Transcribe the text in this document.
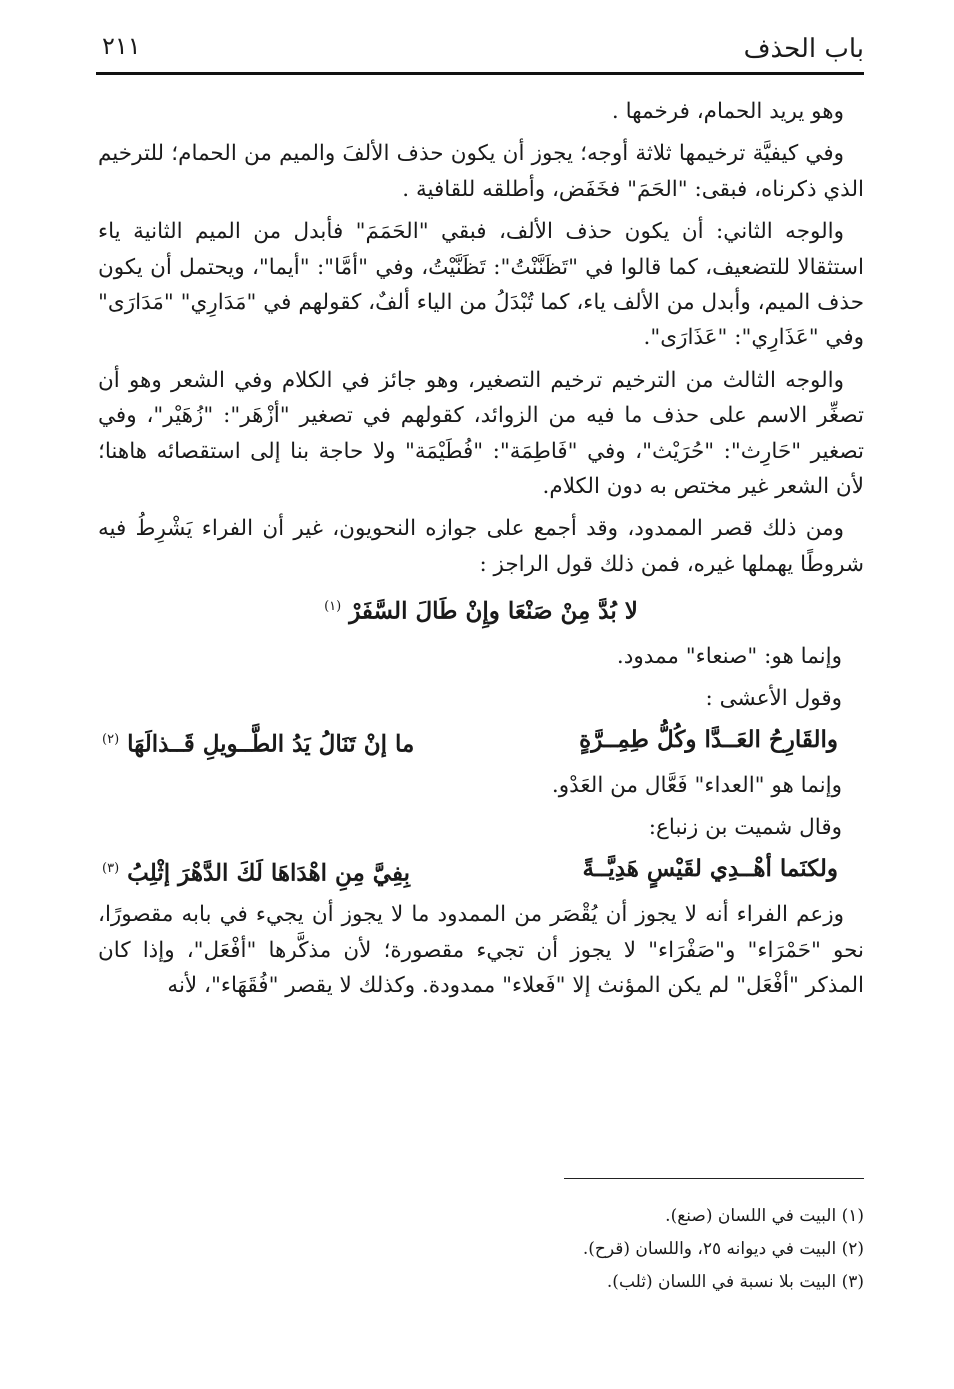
باب الحذف
٢١١

وهو يريد الحمام، فرخمها .

وفي كيفيَّة ترخيمها ثلاثة أوجه؛ يجوز أن يكون حذف الألفَ والميم من الحمام؛ للترخيم الذي ذكرناه، فبقى: "الحَمَ" فخَفَض، وأطلقه للقافية .

والوجه الثاني: أن يكون حذف الألف، فبقي "الحَمَمَ" فأبدل من الميم الثانية ياء استثقالا للتضعيف، كما قالوا في "تَظَنَّنْتُ": تَظَنَّيْتُ، وفي "أمَّا": "أيما"، ويحتمل أن يكون حذف الميم، وأبدل من الألف ياء، كما تُبْدَلُ من الياء ألفٌ، كقولهم في "مَدَارِي" "مَدَارَى" وفي "عَذَارِي": "عَذَارَى".

والوجه الثالث من الترخيم ترخيم التصغير، وهو جائز في الكلام وفي الشعر وهو أن تصغِّر الاسم على حذف ما فيه من الزوائد، كقولهم في تصغير "أزْهَر": "زُهَيْر"، وفي تصغير "حَارِث": "حُرَيْث"، وفي "فَاطِمَة": "فُطَيْمَة" ولا حاجة بنا إلى استقصائه هاهنا؛ لأن الشعر غير مختص به دون الكلام.

ومن ذلك قصر الممدود، وقد أجمع على جوازه النحويون، غير أن الفراء يَشْرِطُ فيه شروطًا يهملها غيره، فمن ذلك قول الراجز :

لا بُدَّ مِنْ صَنْعَا وإِنْ طَالَ السَّفَرْ $^{(١)}$

وإنما هو: "صنعاء" ممدود.

وقول الأعشى :

والقَارِحُ العَــدَّا وكُلُّ طِمِــرَّةٍ
ما إنْ تَنَالُ يَدُ الطَّــويلِ قَــذالَهَا $^{(٢)}$

وإنما هو "العداء" فَعَّال من العَدْو.

وقال شميت بن زنباع:

ولكنَما أهْــدِي لقَيْسٍ هَدِيَّــةً
بِفِيَّ مِنِ اهْدَاهَا لَكَ الدَّهْرَ إثْلِبُ $^{(٣)}$

وزعم الفراء أنه لا يجوز أن يُقْصَر من الممدود ما لا يجوز أن يجيء في بابه مقصورًا، نحو "حَمْرَاء" و"صَفْرَاء" لا يجوز أن تجيء مقصورة؛ لأن مذكَّرها "أفْعَل"، وإذا كان المذكر "أفْعَل" لم يكن المؤنث إلا "فَعلاء" ممدودة. وكذلك لا يقصر "فُقَهَاء"، لأنه

(١) البيت في اللسان (صنع).
(٢) البيت في ديوانه ٢٥، واللسان (قرح).
(٣) البيت بلا نسبة في اللسان (ثلب).
